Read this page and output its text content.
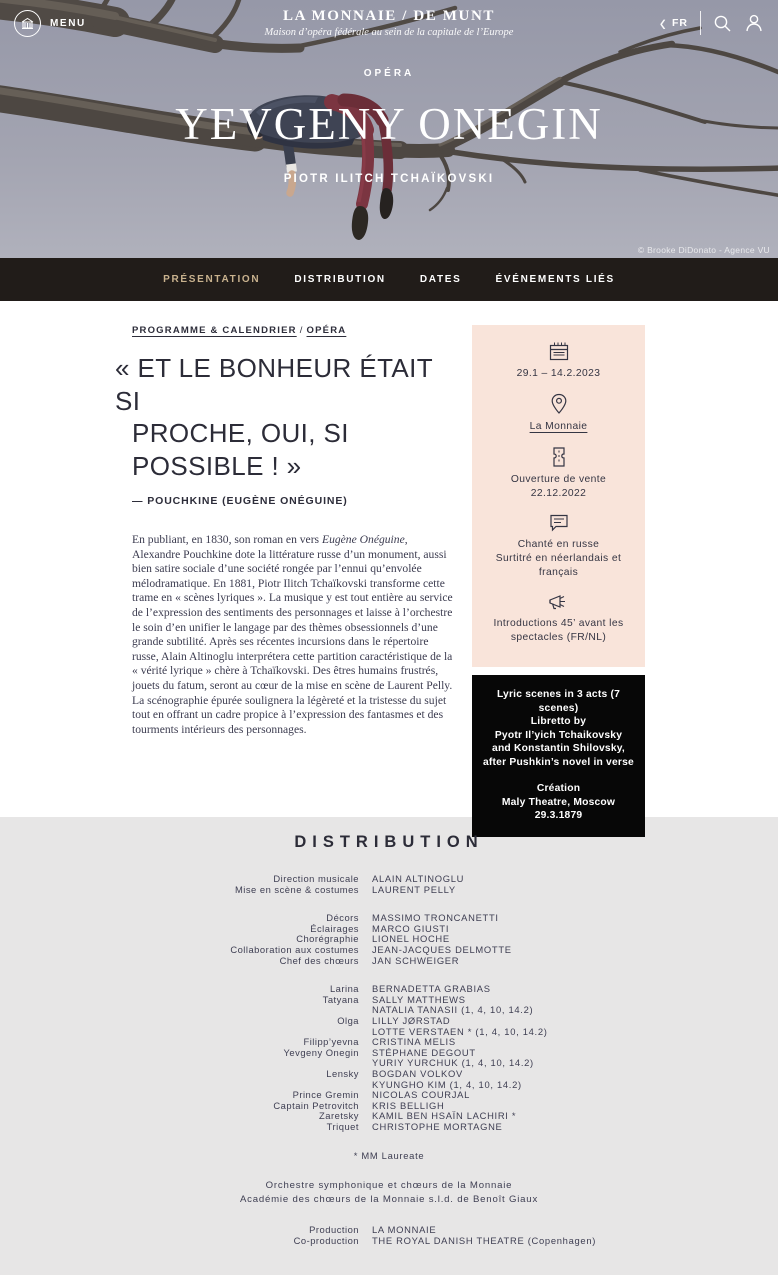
MENU	LA MONNAIE / DE MUNT
Maison d’opéra fédérale au sein de la capitale de l’Europe	‹ FR
OPÉRA
YEVGENY ONEGIN
PIOTR ILITCH TCHAÏKOVSKI
© Brooke DiDonato - Agence VU
PRÉSENTATION	DISTRIBUTION	DATES	ÉVÉNEMENTS LIÉS
PROGRAMME & CALENDRIER / OPÉRA
« ET LE BONHEUR ÉTAIT SI
PROCHE, OUI, SI
POSSIBLE ! »
— POUCHKINE (EUGÈNE ONÉGUINE)

En publiant, en 1830, son roman en vers Eugène Onéguine, Alexandre Pouchkine dote la littérature russe d’un monument, aussi bien satire sociale d’une société rongée par l’ennui qu’envolée mélodramatique. En 1881, Piotr Ilitch Tchaïkovski transforme cette trame en « scènes lyriques ». La musique y est tout entière au service de l’expression des sentiments des personnages et laisse à l’orchestre le soin d’en unifier le langage par des thèmes obsessionnels d’une grande subtilité. Après ses récentes incursions dans le répertoire russe, Alain Altinoglu interprétera cette partition caractéristique de la « vérité lyrique » chère à Tchaïkovski. Des êtres humains frustrés, jouets du fatum, seront au cœur de la mise en scène de Laurent Pelly. La scénographie épurée soulignera la légèreté et la tristesse du sujet tout en offrant un cadre propice à l’expression des fantasmes et des tourments intérieurs des personnages.

29.1 – 14.2.2023
La Monnaie
Ouverture de vente 22.12.2022
Chanté en russe
Surtitré en néerlandais et français
Introductions 45’ avant les spectacles (FR/NL)
Lyric scenes in 3 acts (7 scenes)
Libretto by
Pyotr Il’yich Tchaikovsky
and Konstantin Shilovsky,
after Pushkin’s novel in verse
Création
Maly Theatre, Moscow
29.3.1879
DISTRIBUTION
Direction musicale	ALAIN ALTINOGLU
Mise en scène & costumes	LAURENT PELLY
Décors	MASSIMO TRONCANETTI
Éclairages	MARCO GIUSTI
Chorégraphie	LIONEL HOCHE
Collaboration aux costumes	JEAN-JACQUES DELMOTTE
Chef des chœurs	JAN SCHWEIGER
Larina	BERNADETTA GRABIAS
Tatyana	SALLY MATTHEWS
NATALIA TANASII (1, 4, 10, 14.2)
Olga	LILLY JØRSTAD
LOTTE VERSTAEN * (1, 4, 10, 14.2)
Filipp’yevna	CRISTINA MELIS
Yevgeny Onegin	STÉPHANE DEGOUT
YURIY YURCHUK (1, 4, 10, 14.2)
Lensky	BOGDAN VOLKOV
KYUNGHO KIM (1, 4, 10, 14.2)
Prince Gremin	NICOLAS COURJAL
Captain Petrovitch	KRIS BELLIGH
Zaretsky	KAMIL BEN HSAÏN LACHIRI *
Triquet	CHRISTOPHE MORTAGNE
* MM Laureate
Orchestre symphonique et chœurs de la Monnaie
Académie des chœurs de la Monnaie s.l.d. de Benoît Giaux
Production	LA MONNAIE
Co-production	THE ROYAL DANISH THEATRE (Copenhagen)
